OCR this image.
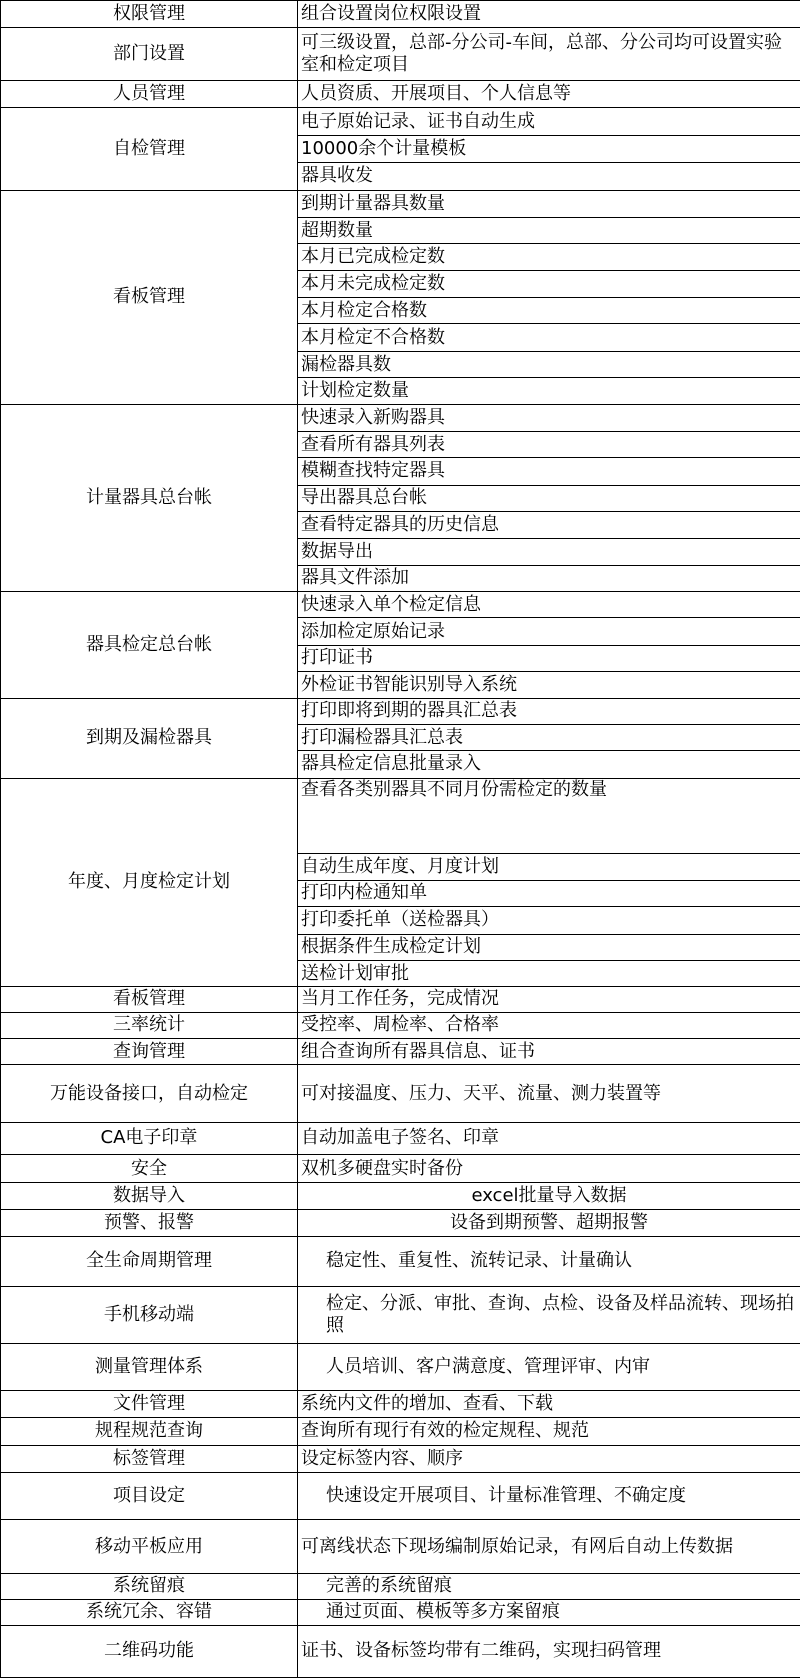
权限管理	组合设置岗位权限设置
部门设置	可三级设置，总部-分公司-车间，总部、分公司均可设置实验室和检定项目
人员管理	人员资质、开展项目、个人信息等
自检管理	电子原始记录、证书自动生成
	10000余个计量模板
	器具收发
看板管理	到期计量器具数量
	超期数量
	本月已完成检定数
	本月未完成检定数
	本月检定合格数
	本月检定不合格数
	漏检器具数
	计划检定数量
计量器具总台帐	快速录入新购器具
	查看所有器具列表
	模糊查找特定器具
	导出器具总台帐
	查看特定器具的历史信息
	数据导出
	器具文件添加
器具检定总台帐	快速录入单个检定信息
	添加检定原始记录
	打印证书
	外检证书智能识别导入系统
到期及漏检器具	打印即将到期的器具汇总表
	打印漏检器具汇总表
	器具检定信息批量录入
年度、月度检定计划	查看各类别器具不同月份需检定的数量
	自动生成年度、月度计划
	打印内检通知单
	打印委托单（送检器具）
	根据条件生成检定计划
	送检计划审批
看板管理	当月工作任务，完成情况
三率统计	受控率、周检率、合格率
查询管理	组合查询所有器具信息、证书
万能设备接口，自动检定	可对接温度、压力、天平、流量、测力装置等
CA电子印章	自动加盖电子签名、印章
安全	双机多硬盘实时备份
数据导入	excel批量导入数据
预警、报警	设备到期预警、超期报警
全生命周期管理	稳定性、重复性、流转记录、计量确认
手机移动端	检定、分派、审批、查询、点检、设备及样品流转、现场拍照
测量管理体系	人员培训、客户满意度、管理评审、内审
文件管理	系统内文件的增加、查看、下载
规程规范查询	查询所有现行有效的检定规程、规范
标签管理	设定标签内容、顺序
项目设定	快速设定开展项目、计量标准管理、不确定度
移动平板应用	可离线状态下现场编制原始记录，有网后自动上传数据
系统留痕	完善的系统留痕
系统冗余、容错	通过页面、模板等多方案留痕
二维码功能	证书、设备标签均带有二维码，实现扫码管理
